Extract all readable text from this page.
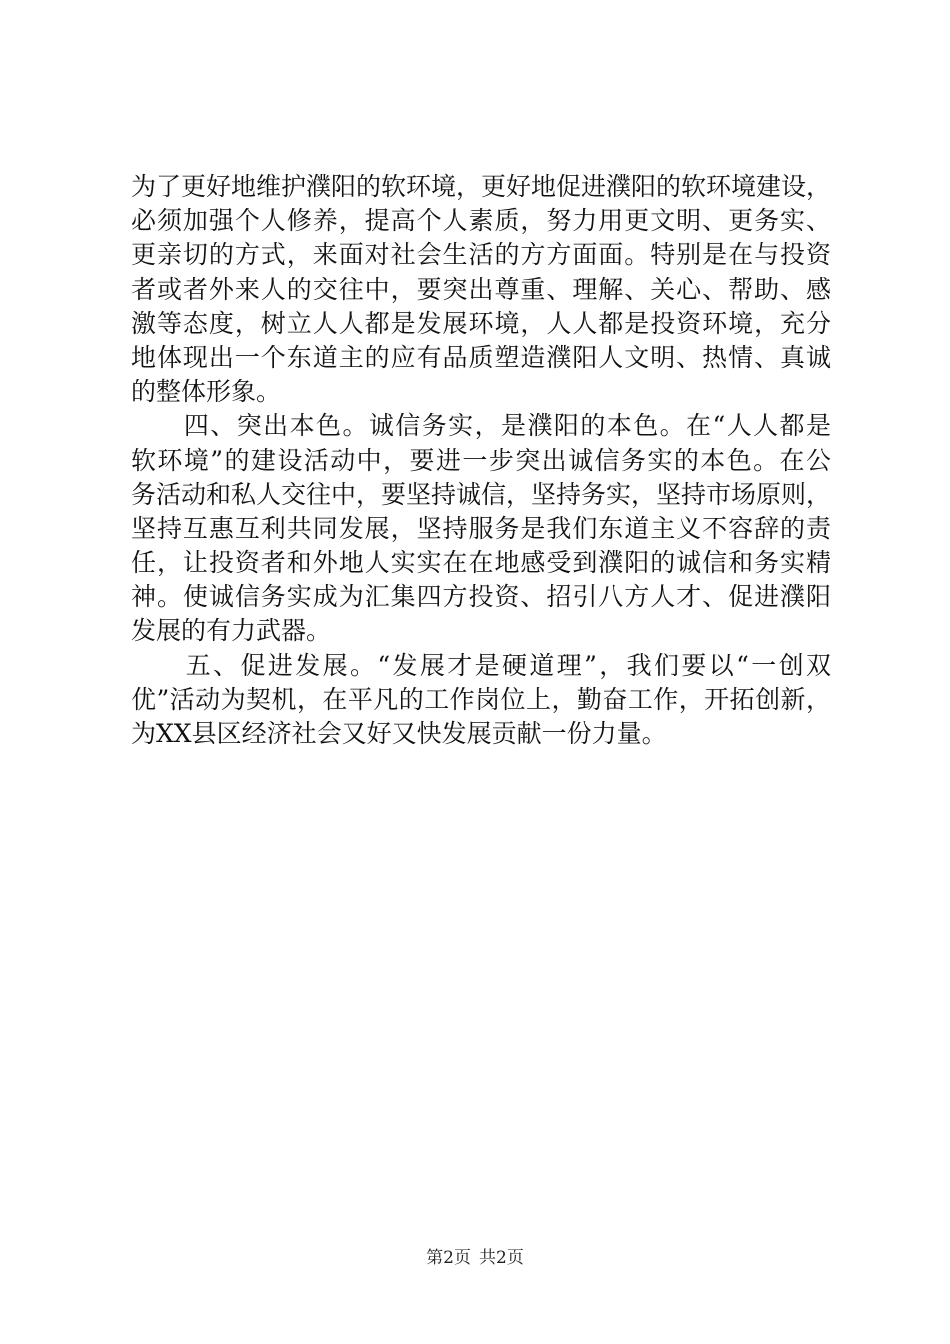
为了更好地维护濮阳的软环境，更好地促进濮阳的软环境建设，
必须加强个人修养，提高个人素质，努力用更文明、更务实、
更亲切的方式，来面对社会生活的方方面面。特别是在与投资
者或者外来人的交往中，要突出尊重、理解、关心、帮助、感
激等态度，树立人人都是发展环境，人人都是投资环境，充分
地体现出一个东道主的应有品质塑造濮阳人文明、热情、真诚
的整体形象。
　　四、突出本色。诚信务实，是濮阳的本色。在“人人都是
软环境”的建设活动中，要进一步突出诚信务实的本色。在公
务活动和私人交往中，要坚持诚信，坚持务实，坚持市场原则，
坚持互惠互利共同发展，坚持服务是我们东道主义不容辞的责
任，让投资者和外地人实实在在地感受到濮阳的诚信和务实精
神。使诚信务实成为汇集四方投资、招引八方人才、促进濮阳
发展的有力武器。
　　五、促进发展。“发展才是硬道理”，我们要以“一创双
优”活动为契机，在平凡的工作岗位上，勤奋工作，开拓创新，
为XX县区经济社会又好又快发展贡献一份力量。
第2页 共2页
